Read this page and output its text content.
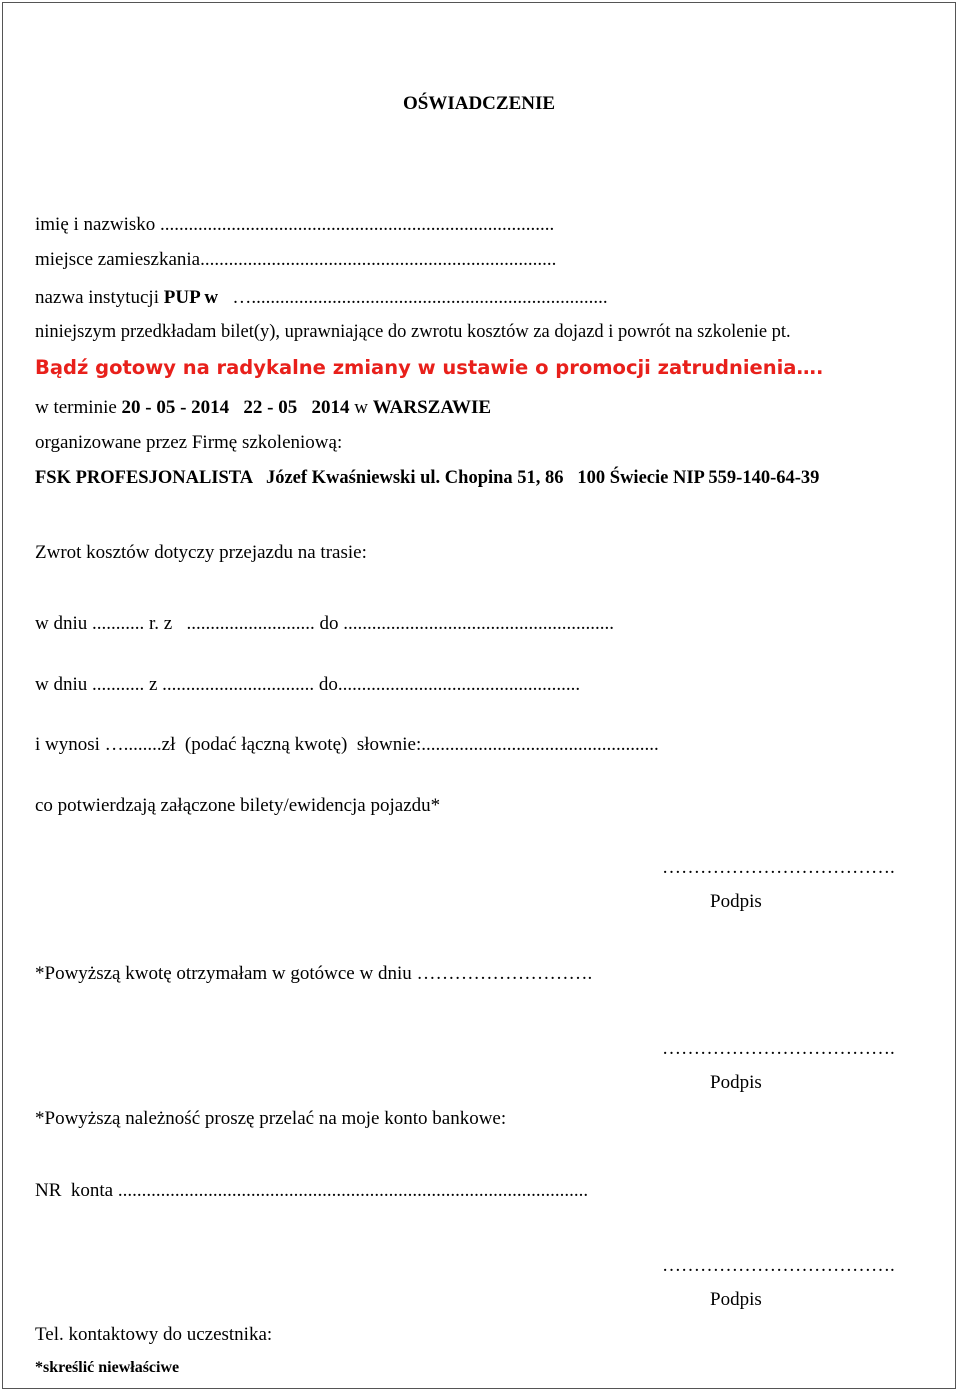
OŚWIADCZENIE
imię i nazwisko ...................................................................................
miejsce zamieszkania...........................................................................
nazwa instytucji PUP w   …...........................................................................
niniejszym przedkładam bilet(y), uprawniające do zwrotu kosztów za dojazd i powrót na szkolenie pt.
Bądź gotowy na radykalne zmiany w ustawie o promocji zatrudnienia….
w terminie 20 - 05 - 2014   22 - 05   2014 w WARSZAWIE
organizowane przez Firmę szkoleniową:
FSK PROFESJONALISTA   Józef Kwaśniewski ul. Chopina 51, 86   100 Świecie NIP 559-140-64-39
Zwrot kosztów dotyczy przejazdu na trasie:
w dniu ........... r. z   ........................... do .........................................................
w dniu ........... z ................................ do...................................................
i wynosi …........zł  (podać łączną kwotę)  słownie:..................................................
co potwierdzają załączone bilety/ewidencja pojazdu*
……………………………….
Podpis
*Powyższą kwotę otrzymałam w gotówce w dniu ……………………….
……………………………….
Podpis
*Powyższą należność proszę przelać na moje konto bankowe:
NR  konta ...................................................................................................
……………………………….
Podpis
Tel. kontaktowy do uczestnika:
*skreślić niewłaściwe
